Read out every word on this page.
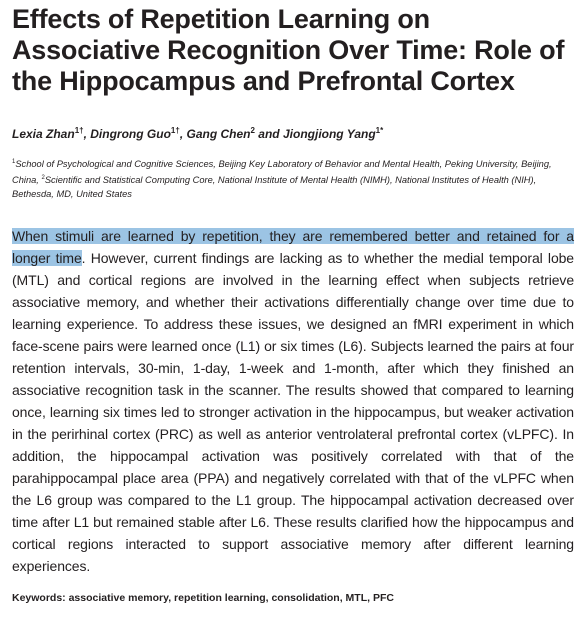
Effects of Repetition Learning on Associative Recognition Over Time: Role of the Hippocampus and Prefrontal Cortex
Lexia Zhan$^{1\dagger}$, Dingrong Guo$^{1\dagger}$, Gang Chen$^2$ and Jiongjiong Yang$^{1*}$
$^1$School of Psychological and Cognitive Sciences, Beijing Key Laboratory of Behavior and Mental Health, Peking University, Beijing, China, $^2$Scientific and Statistical Computing Core, National Institute of Mental Health (NIMH), National Institutes of Health (NIH), Bethesda, MD, United States

When stimuli are learned by repetition, they are remembered better and retained for a longer time. However, current findings are lacking as to whether the medial temporal lobe (MTL) and cortical regions are involved in the learning effect when subjects retrieve associative memory, and whether their activations differentially change over time due to learning experience. To address these issues, we designed an fMRI experiment in which face-scene pairs were learned once (L1) or six times (L6). Subjects learned the pairs at four retention intervals, 30-min, 1-day, 1-week and 1-month, after which they finished an associative recognition task in the scanner. The results showed that compared to learning once, learning six times led to stronger activation in the hippocampus, but weaker activation in the perirhinal cortex (PRC) as well as anterior ventrolateral prefrontal cortex (vLPFC). In addition, the hippocampal activation was positively correlated with that of the parahippocampal place area (PPA) and negatively correlated with that of the vLPFC when the L6 group was compared to the L1 group. The hippocampal activation decreased over time after L1 but remained stable after L6. These results clarified how the hippocampus and cortical regions interacted to support associative memory after different learning experiences.

Keywords: associative memory, repetition learning, consolidation, MTL, PFC
